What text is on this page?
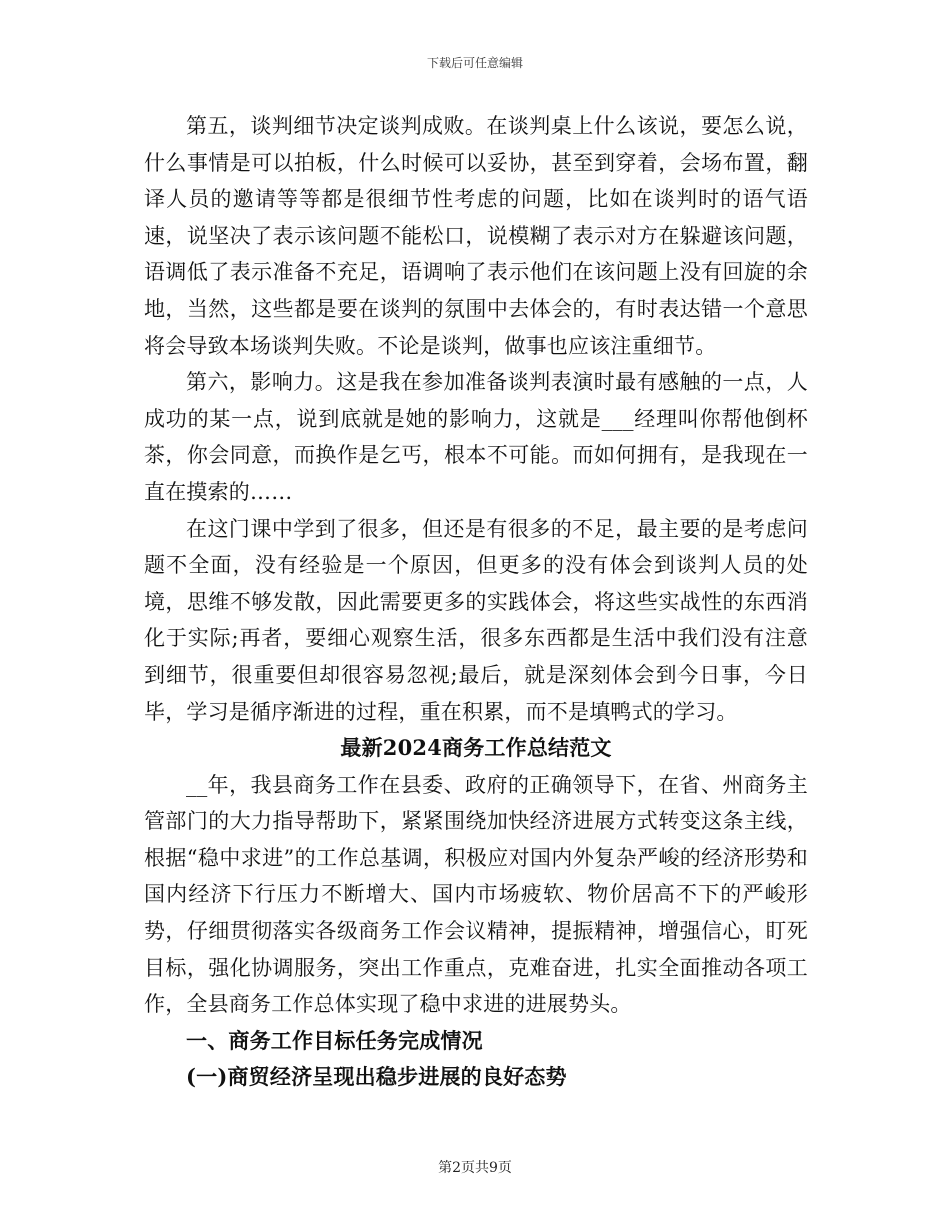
下载后可任意编辑

第五，谈判细节决定谈判成败。在谈判桌上什么该说，要怎么说，什么事情是可以拍板，什么时候可以妥协，甚至到穿着，会场布置，翻译人员的邀请等等都是很细节性考虑的问题，比如在谈判时的语气语速，说坚决了表示该问题不能松口，说模糊了表示对方在躲避该问题，语调低了表示准备不充足，语调响了表示他们在该问题上没有回旋的余地，当然，这些都是要在谈判的氛围中去体会的，有时表达错一个意思将会导致本场谈判失败。不论是谈判，做事也应该注重细节。

第六，影响力。这是我在参加准备谈判表演时最有感触的一点，人成功的某一点，说到底就是她的影响力，这就是___经理叫你帮他倒杯茶，你会同意，而换作是乞丐，根本不可能。而如何拥有，是我现在一直在摸索的……

在这门课中学到了很多，但还是有很多的不足，最主要的是考虑问题不全面，没有经验是一个原因，但更多的没有体会到谈判人员的处境，思维不够发散，因此需要更多的实践体会，将这些实战性的东西消化于实际;再者，要细心观察生活，很多东西都是生活中我们没有注意到细节，很重要但却很容易忽视;最后，就是深刻体会到今日事，今日毕，学习是循序渐进的过程，重在积累，而不是填鸭式的学习。

最新2024商务工作总结范文

__年，我县商务工作在县委、政府的正确领导下，在省、州商务主管部门的大力指导帮助下，紧紧围绕加快经济进展方式转变这条主线，根据“稳中求进”的工作总基调，积极应对国内外复杂严峻的经济形势和国内经济下行压力不断增大、国内市场疲软、物价居高不下的严峻形势，仔细贯彻落实各级商务工作会议精神，提振精神，增强信心，盯死目标，强化协调服务，突出工作重点，克难奋进，扎实全面推动各项工作，全县商务工作总体实现了稳中求进的进展势头。

一、商务工作目标任务完成情况

(一)商贸经济呈现出稳步进展的良好态势

第2页共9页
